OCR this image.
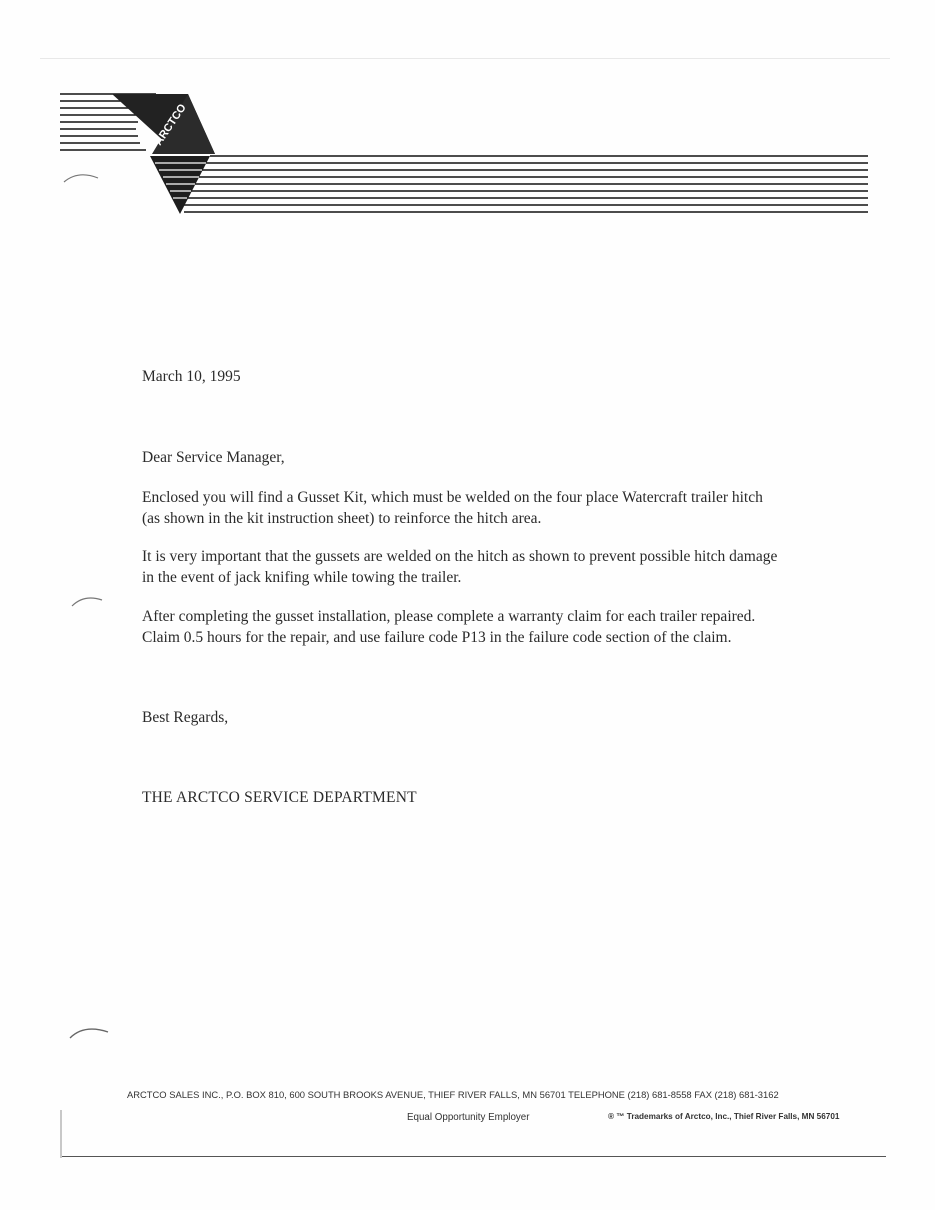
ARCTCO
March 10, 1995
Dear Service Manager,
Enclosed you will find a Gusset Kit, which must be welded on the four place Watercraft trailer hitch (as shown in the kit instruction sheet) to reinforce the hitch area.
It is very important that the gussets are welded on the hitch as shown to prevent possible hitch damage in the event of jack knifing while towing the trailer.
After completing the gusset installation, please complete a warranty claim for each trailer repaired. Claim 0.5 hours for the repair, and use failure code P13 in the failure code section of the claim.
Best Regards,
THE ARCTCO SERVICE DEPARTMENT
ARCTCO SALES INC., P.O. BOX 810, 600 SOUTH BROOKS AVENUE, THIEF RIVER FALLS, MN 56701 TELEPHONE (218) 681-8558 FAX (218) 681-3162
Equal Opportunity Employer	® ™ Trademarks of Arctco, Inc., Thief River Falls, MN 56701
